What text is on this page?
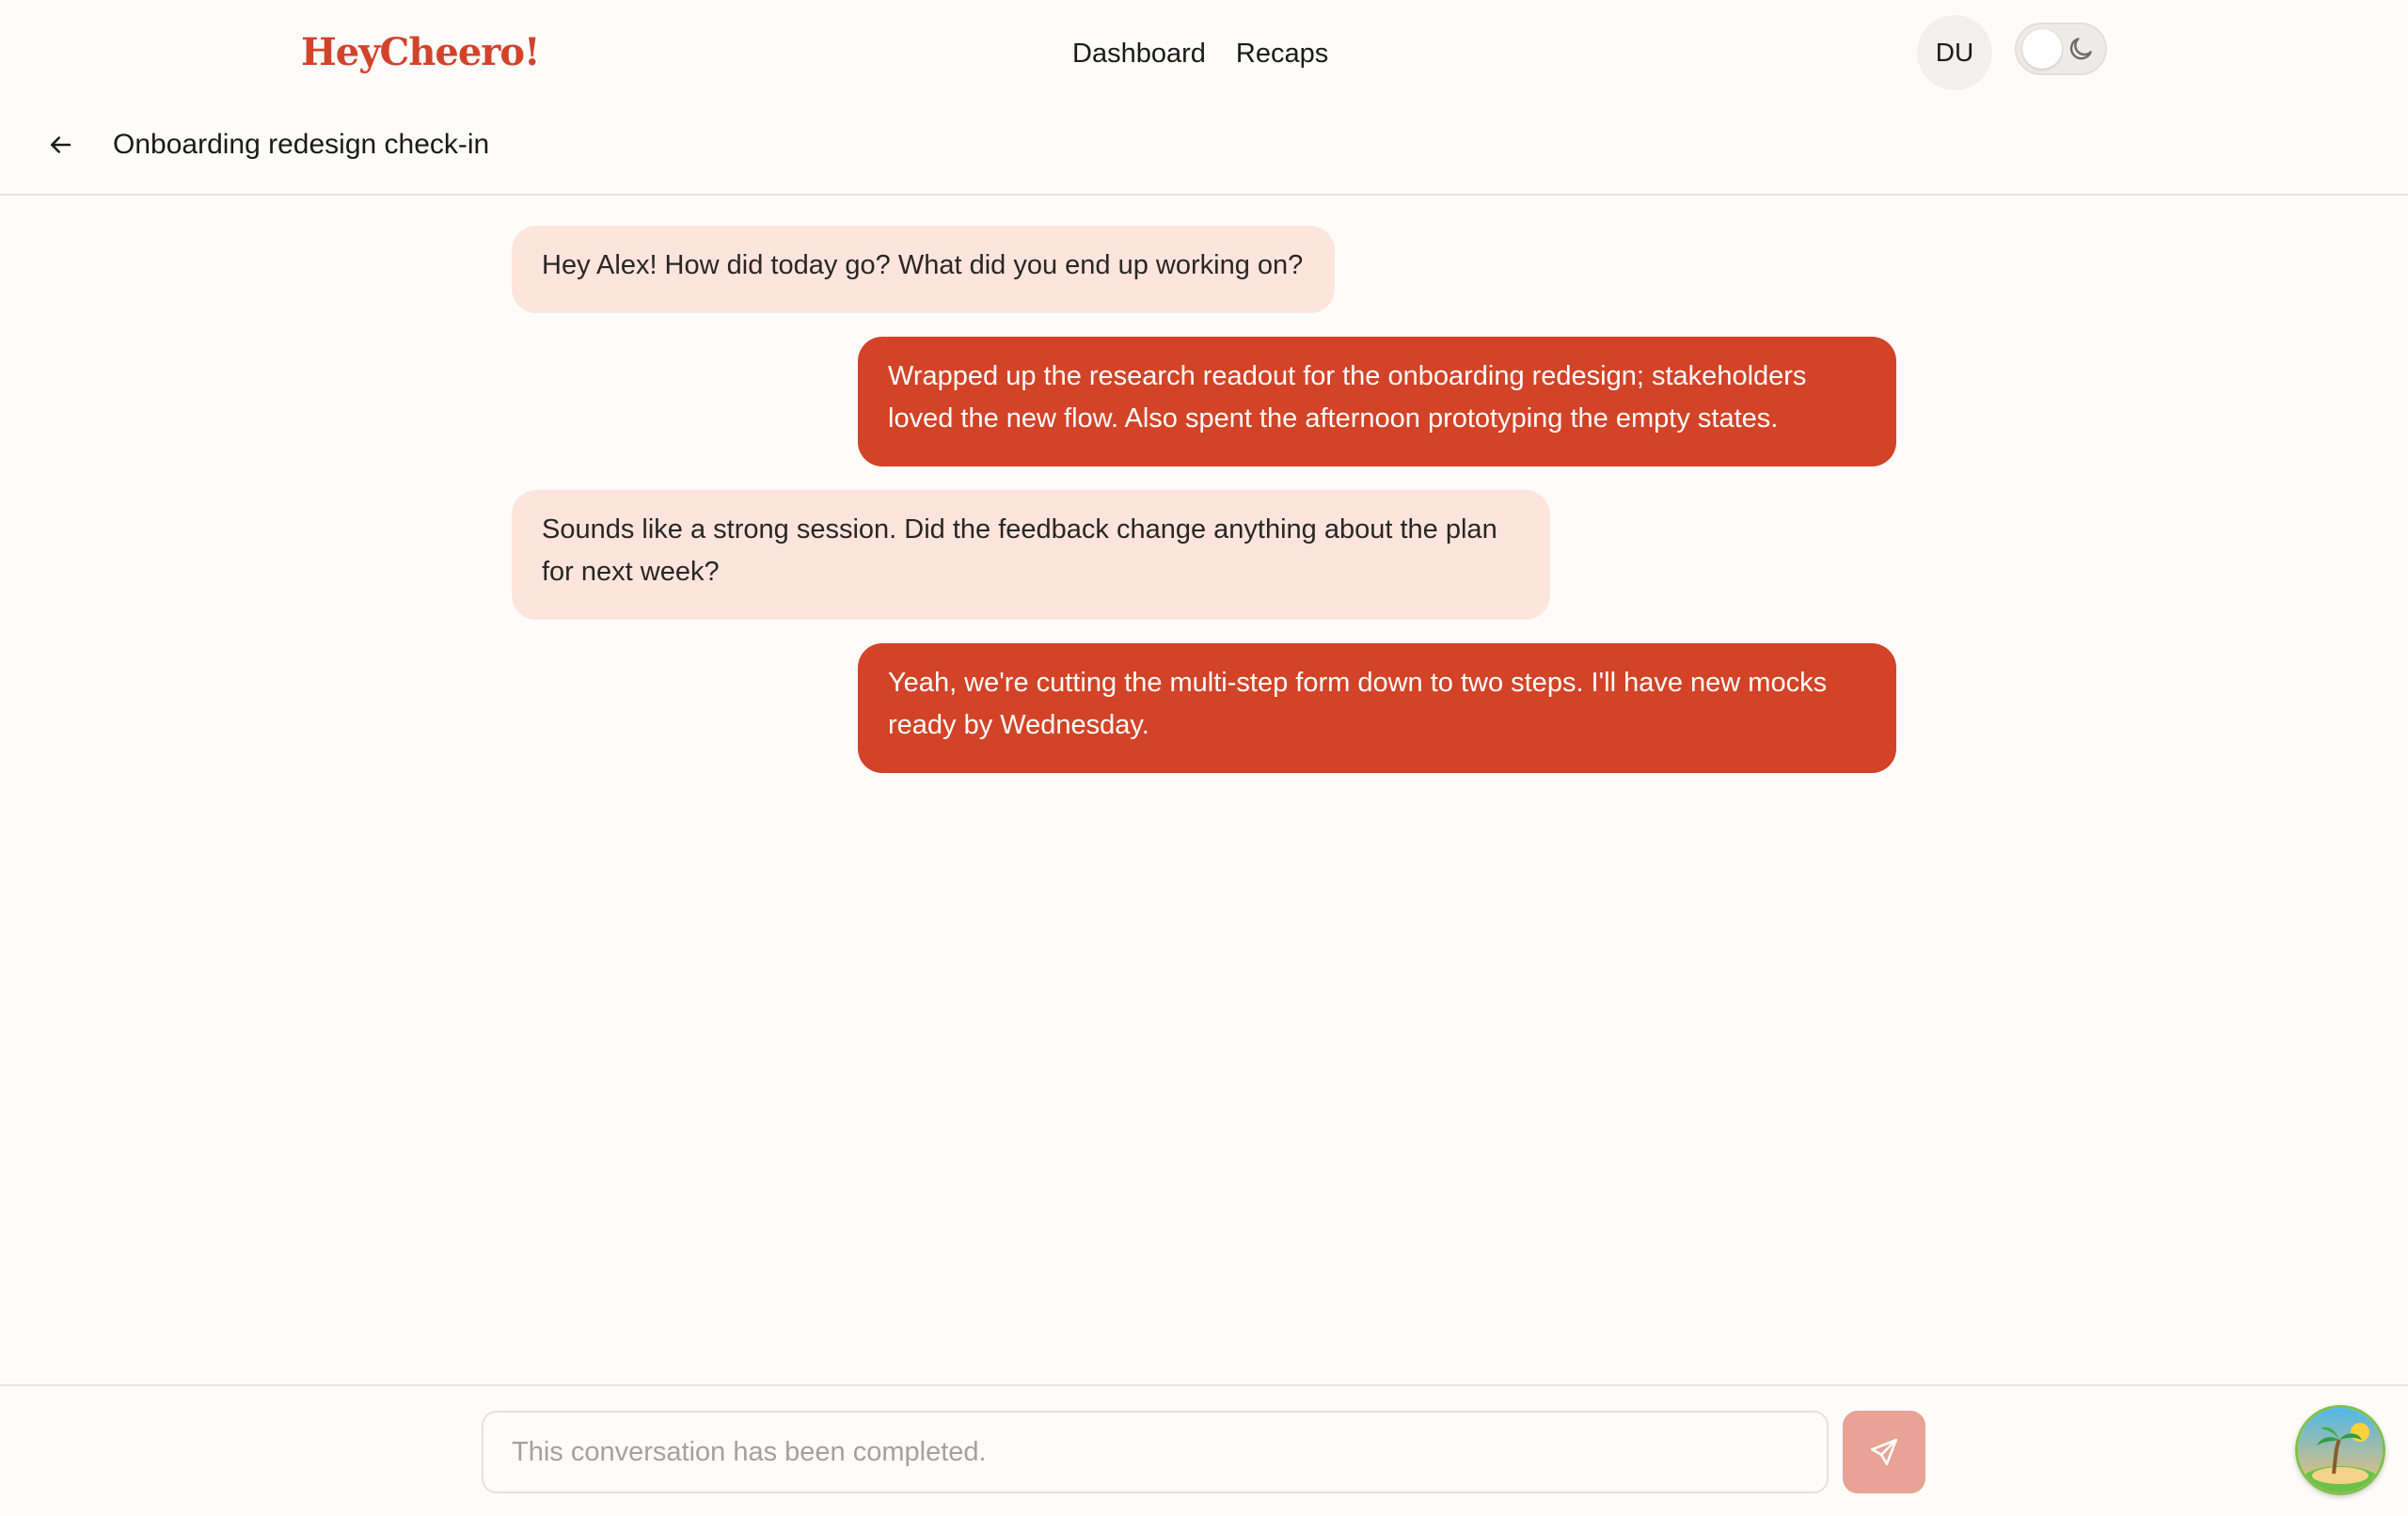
HeyCheero!	Dashboard Recaps	DU
Onboarding redesign check-in
Hey Alex! How did today go? What did you end up working on?
Wrapped up the research readout for the onboarding redesign; stakeholders loved the new flow. Also spent the afternoon prototyping the empty states.
Sounds like a strong session. Did the feedback change anything about the plan for next week?
Yeah, we're cutting the multi-step form down to two steps. I'll have new mocks ready by Wednesday.
This conversation has been completed.
